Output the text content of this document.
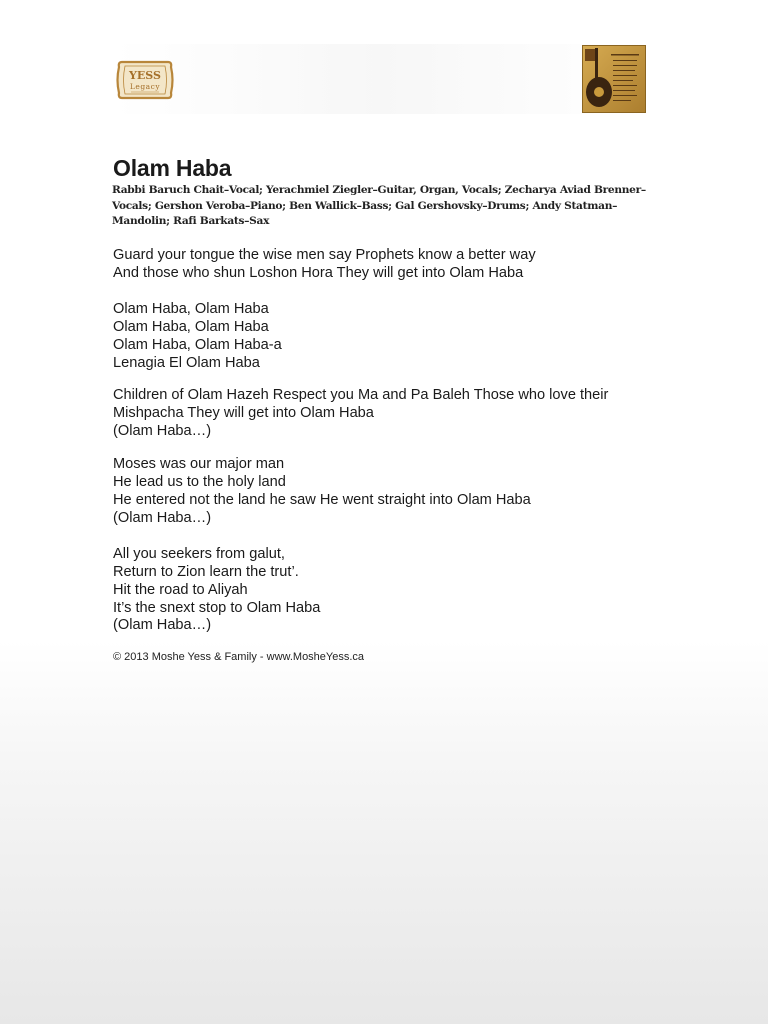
YESS
Legacy
Olam Haba
Rabbi Baruch Chait–Vocal; Yerachmiel Ziegler–Guitar, Organ, Vocals; Zecharya Aviad Brenner–Vocals; Gershon Veroba–Piano; Ben Wallick–Bass; Gal Gershovsky–Drums; Andy Statman–Mandolin; Rafi Barkats–Sax
Guard your tongue the wise men say Prophets know a better way
And those who shun Loshon Hora They will get into Olam Haba
Olam Haba, Olam Haba
Olam Haba, Olam Haba
Olam Haba, Olam Haba-a
Lenagia El Olam Haba
Children of Olam Hazeh Respect you Ma and Pa Baleh Those who love their
Mishpacha They will get into Olam Haba
(Olam Haba…)
Moses was our major man
He lead us to the holy land
He entered not the land he saw He went straight into Olam Haba
(Olam Haba…)
All you seekers from galut,
Return to Zion learn the trut’.
Hit the road to Aliyah
It’s the snext stop to Olam Haba
(Olam Haba…)
© 2013 Moshe Yess & Family - www.MosheYess.ca
